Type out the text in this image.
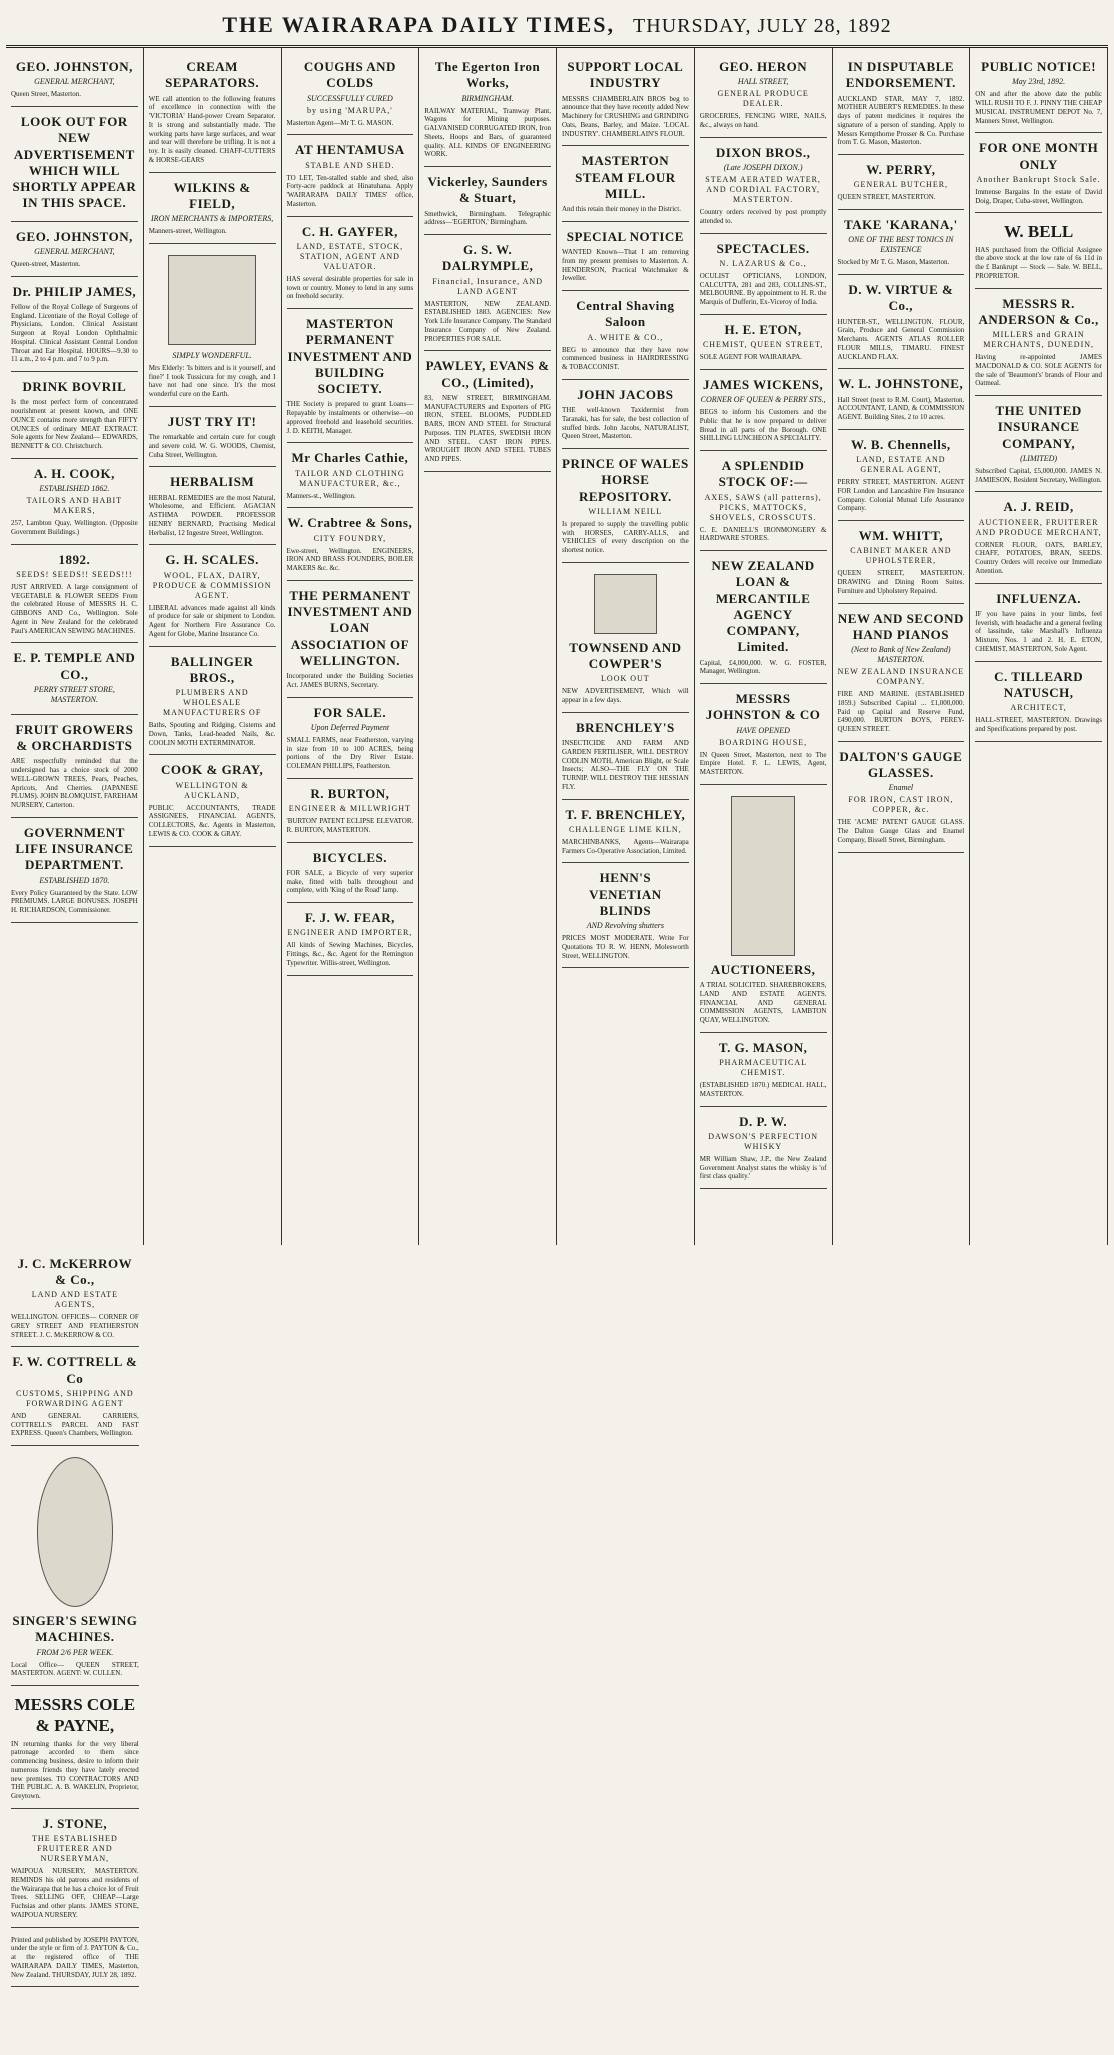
THE WAIRARAPA DAILY TIMES, THURSDAY, JULY 28, 1892
GEO. JOHNSTON,
GENERAL MERCHANT,
Queen Street, Masterton.
LOOK OUT FOR NEW ADVERTISEMENT WHICH WILL SHORTLY APPEAR IN THIS SPACE.
GEO. JOHNSTON,
GENERAL MERCHANT,
Queen-street, Masterton.
Dr. PHILIP JAMES,
Fellow of the Royal College of Surgeons of England. Licentiate of the Royal College of Physicians, London. Clinical Assistant Surgeon at Royal London Ophthalmic Hospital. Clinical Assistant Central London Throat and Ear Hospital. HOURS—9.30 to 11 a.m., 2 to 4 p.m. and 7 to 9 p.m.
DRINK BOVRIL
Is the most perfect form of concentrated nourishment at present known, and ONE OUNCE contains more strength than FIFTY OUNCES of ordinary MEAT EXTRACT. Sole agents for New Zealand— EDWARDS, BENNETT & CO. Christchurch.
A. H. COOK,
ESTABLISHED 1862.
TAILORS AND HABIT MAKERS,
257, Lambton Quay, Wellington. (Opposite Government Buildings.)
1892.
SEEDS! SEEDS!! SEEDS!!!
JUST ARRIVED. A large consignment of VEGETABLE & FLOWER SEEDS From the celebrated House of MESSRS H. C. GIBBONS AND Co., Wellington. Sole Agent in New Zealand for the celebrated Paul's AMERICAN SEWING MACHINES.
E. P. TEMPLE AND CO.,
PERRY STREET STORE, MASTERTON.
FRUIT GROWERS & ORCHARDISTS
ARE respectfully reminded that the undersigned has a choice stock of 2000 WELL-GROWN TREES, Pears, Peaches, Apricots, And Cherries. (JAPANESE PLUMS). JOHN BLOMQUIST, FAREHAM NURSERY, Carterton.
GOVERNMENT LIFE INSURANCE DEPARTMENT.
ESTABLISHED 1870.
Every Policy Guaranteed by the State. LOW PREMIUMS. LARGE BONUSES. JOSEPH H. RICHARDSON, Commissioner.
CREAM SEPARATORS.
WE call attention to the following features of excellence in connection with the 'VICTORIA' Hand-power Cream Separator. It is strong and substantially made. The working parts have large surfaces, and wear and tear will therefore be trifling. It is not a toy. It is easily cleaned. CHAFF-CUTTERS & HORSE-GEARS
WILKINS & FIELD,
IRON MERCHANTS & IMPORTERS,
Manners-street, Wellington.
SIMPLY WONDERFUL.
Mrs Elderly: 'Is bitters and is it yourself, and fine?' I took Tussicura for my cough, and I have not had one since. It's the most wonderful cure on the Earth.
JUST TRY IT!
The remarkable and certain cure for cough and severe cold. W. G. WOODS, Chemist, Cuba Street, Wellington.
HERBALISM
HERBAL REMEDIES are the most Natural, Wholesome, and Efficient. AGACIAN ASTHMA POWDER. PROFESSOR HENRY BERNARD, Practising Medical Herbalist, 12 Ingestre Street, Wellington.
G. H. SCALES.
WOOL, FLAX, DAIRY, PRODUCE & COMMISSION AGENT.
LIBERAL advances made against all kinds of produce for sale or shipment to London. Agent for Northern Fire Assurance Co. Agent for Globe, Marine Insurance Co.
BALLINGER BROS.,
PLUMBERS AND WHOLESALE MANUFACTURERS OF
Baths, Spouting and Ridging, Cisterns and Down, Tanks, Lead-headed Nails, &c. COOLIN MOTH EXTERMINATOR.
COOK & GRAY,
WELLINGTON & AUCKLAND,
PUBLIC ACCOUNTANTS, TRADE ASSIGNEES, FINANCIAL AGENTS, COLLECTORS, &c. Agents in Masterton, LEWIS & CO. COOK & GRAY.
COUGHS AND COLDS
SUCCESSFULLY CURED
by using 'MARUPA,'
Masterton Agent—Mr T. G. MASON.
AT HENTAMUSA
STABLE AND SHED.
TO LET, Ten-stalled stable and shed, also Forty-acre paddock at Hinatuhana. Apply 'WAIRARAPA DAILY TIMES' office, Masterton.
C. H. GAYFER,
LAND, ESTATE, STOCK, STATION, AGENT AND VALUATOR.
HAS several desirable properties for sale in town or country. Money to lend in any sums on freehold security.
MASTERTON PERMANENT INVESTMENT AND BUILDING SOCIETY.
THE Society is prepared to grant Loans—Repayable by instalments or otherwise—on approved freehold and leasehold securities. J. D. KEITH, Manager.
Mr Charles Cathie,
TAILOR AND CLOTHING MANUFACTURER, &c.,
Manners-st., Wellington.
W. Crabtree & Sons,
CITY FOUNDRY,
Ewe-street, Wellington. ENGINEERS, IRON AND BRASS FOUNDERS, BOILER MAKERS &c. &c.
THE PERMANENT INVESTMENT AND LOAN ASSOCIATION OF WELLINGTON.
Incorporated under the Building Societies Act. JAMES BURNS, Secretary.
FOR SALE.
Upon Deferred Payment
SMALL FARMS, near Featherston, varying in size from 10 to 100 ACRES, being portions of the Dry River Estate. COLEMAN PHILLIPS, Featherston.
R. BURTON,
ENGINEER & MILLWRIGHT
'BURTON' PATENT ECLIPSE ELEVATOR. R. BURTON, MASTERTON.
BICYCLES.
FOR SALE, a Bicycle of very superior make, fitted with balls throughout and complete, with 'King of the Road' lamp.
F. J. W. FEAR,
ENGINEER AND IMPORTER,
All kinds of Sewing Machines, Bicycles, Fittings, &c., &c. Agent for the Remington Typewriter. Willis-street, Wellington.
The Egerton Iron Works,
BIRMINGHAM.
RAILWAY MATERIAL, Tramway Plant, Wagons for Mining purposes. GALVANISED CORRUGATED IRON, Iron Sheets, Hoops and Bars, of guaranteed quality. ALL KINDS OF ENGINEERING WORK.
Vickerley, Saunders & Stuart,
Smethwick, Birmingham. Telegraphic address—'EGERTON,' Birmingham.
G. S. W. DALRYMPLE,
Financial, Insurance, AND LAND AGENT
MASTERTON, NEW ZEALAND. ESTABLISHED 1883. AGENCIES: New York Life Insurance Company. The Standard Insurance Company of New Zealand. PROPERTIES FOR SALE.
PAWLEY, EVANS & CO., (Limited),
83, NEW STREET, BIRMINGHAM. MANUFACTURERS and Exporters of PIG IRON, STEEL BLOOMS, PUDDLED BARS, IRON AND STEEL for Structural Purposes. TIN PLATES, SWEDISH IRON AND STEEL. CAST IRON PIPES. WROUGHT IRON AND STEEL TUBES AND PIPES.
SUPPORT LOCAL INDUSTRY
MESSRS CHAMBERLAIN BROS beg to announce that they have recently added New Machinery for CRUSHING and GRINDING Oats, Beans, Barley, and Maize. 'LOCAL INDUSTRY'. CHAMBERLAIN'S FLOUR.
MASTERTON STEAM FLOUR MILL.
And this retain their money in the District.
SPECIAL NOTICE
WANTED Known—That I am removing from my present premises to Masterton. A. HENDERSON, Practical Watchmaker & Jeweller.
Central Shaving Saloon
A. WHITE & CO.,
BEG to announce that they have now commenced business in HAIRDRESSING & TOBACCONIST.
JOHN JACOBS
THE well-known Taxidermist from Taranaki, has for sale, the best collection of stuffed birds. John Jacobs, NATURALIST, Queen Street, Masterton.
PRINCE OF WALES HORSE REPOSITORY.
WILLIAM NEILL
Is prepared to supply the travelling public with HORSES, CARRY-ALLS, and VEHICLES of every description on the shortest notice.
TOWNSEND AND COWPER'S
LOOK OUT
NEW ADVERTISEMENT, Which will appear in a few days.
BRENCHLEY'S
INSECTICIDE AND FARM AND GARDEN FERTILISER, WILL DESTROY CODLIN MOTH, American Blight, or Scale Insects; ALSO—THE FLY ON THE TURNIP. WILL DESTROY THE HESSIAN FLY.
T. F. BRENCHLEY,
CHALLENGE LIME KILN,
MARCHINBANKS, Agents—Wairarapa Farmers Co-Operative Association, Limited.
HENN'S VENETIAN BLINDS
AND Revolving shutters
PRICES MOST MODERATE. Write For Quotations TO R. W. HENN, Molesworth Street, WELLINGTON.
GEO. HERON
HALL STREET,
GENERAL PRODUCE DEALER.
GROCERIES, FENCING WIRE, NAILS, &c., always on hand.
DIXON BROS.,
(Late JOSEPH DIXON.)
STEAM AERATED WATER, AND CORDIAL FACTORY, MASTERTON.
Country orders received by post promptly attended to.
SPECTACLES.
N. LAZARUS & Co.,
OCULIST OPTICIANS, LONDON, CALCUTTA, 281 and 283, COLLINS-ST., MELBOURNE. By appointment to H. R. the Marquis of Dufferin, Ex-Viceroy of India.
H. E. ETON,
CHEMIST, QUEEN STREET,
SOLE AGENT FOR WAIRARAPA.
JAMES WICKENS,
CORNER OF QUEEN & PERRY STS.,
BEGS to inform his Customers and the Public that he is now prepared to deliver Bread in all parts of the Borough. ONE SHILLING LUNCHEON A SPECIALITY.
A SPLENDID STOCK OF:—
AXES, SAWS (all patterns), PICKS, MATTOCKS, SHOVELS, CROSSCUTS.
C. E. DANIELL'S IRONMONGERY & HARDWARE STORES.
NEW ZEALAND LOAN & MERCANTILE AGENCY COMPANY, Limited.
Capital, £4,000,000. W. G. FOSTER, Manager, Wellington.
MESSRS JOHNSTON & CO
HAVE OPENED
BOARDING HOUSE,
IN Queen Street, Masterton, next to The Empire Hotel. F. L. LEWIS, Agent, MASTERTON.
AUCTIONEERS,
A TRIAL SOLICITED. SHAREBROKERS, LAND AND ESTATE AGENTS. FINANCIAL AND GENERAL COMMISSION AGENTS, LAMBTON QUAY, WELLINGTON.
T. G. MASON,
PHARMACEUTICAL CHEMIST.
(ESTABLISHED 1870.) MEDICAL HALL, MASTERTON.
D. P. W.
DAWSON'S PERFECTION WHISKY
MR William Shaw, J.P., the New Zealand Government Analyst states the whisky is 'of first class quality.'
IN DISPUTABLE ENDORSEMENT.
AUCKLAND STAR, MAY 7, 1892. MOTHER AUBERT'S REMEDIES. In these days of patent medicines it requires the signature of a person of standing. Apply to Messrs Kempthorne Prosser & Co. Purchase from T. G. Mason, Masterton.
W. PERRY,
GENERAL BUTCHER,
QUEEN STREET, MASTERTON.
TAKE 'KARANA,'
ONE OF THE BEST TONICS IN EXISTENCE
Stocked by Mr T. G. Mason, Masterton.
D. W. VIRTUE & Co.,
HUNTER-ST., WELLINGTON. FLOUR, Grain, Produce and General Commission Merchants. AGENTS ATLAS ROLLER FLOUR MILLS, TIMARU. FINEST AUCKLAND FLAX.
W. L. JOHNSTONE,
Hall Street (next to R.M. Court), Masterton. ACCOUNTANT, LAND, & COMMISSION AGENT. Building Sites, 2 to 10 acres.
W. B. Chennells,
LAND, ESTATE AND GENERAL AGENT,
PERRY STREET, MASTERTON. AGENT FOR London and Lancashire Fire Insurance Company. Colonial Mutual Life Assurance Company.
WM. WHITT,
CABINET MAKER AND UPHOLSTERER,
QUEEN STREET, MASTERTON. DRAWING and Dining Room Suites. Furniture and Upholstery Repaired.
NEW AND SECOND HAND PIANOS
(Next to Bank of New Zealand) MASTERTON.
NEW ZEALAND INSURANCE COMPANY.
FIRE AND MARINE. (ESTABLISHED 1859.) Subscribed Capital ... £1,000,000. Paid up Capital and Reserve Fund, £490,000. BURTON BOYS, PEREY-QUEEN STREET.
DALTON'S GAUGE GLASSES.
Enamel
FOR IRON, CAST IRON, COPPER, &c.
THE 'ACME' PATENT GAUGE GLASS. The Dalton Gauge Glass and Enamel Company, Bissell Street, Birmingham.
PUBLIC NOTICE!
May 23rd, 1892.
ON and after the above date the public WILL RUSH TO F. J. PINNY THE CHEAP MUSICAL INSTRUMENT DEPOT No. 7, Manners Street, Wellington.
FOR ONE MONTH ONLY
Another Bankrupt Stock Sale.
Immense Bargains In the estate of David Doig, Draper, Cuba-street, Wellington.
W. BELL
HAS purchased from the Official Assignee the above stock at the low rate of 6s 11d in the £ Bankrupt — Stock — Sale. W. BELL, PROPRIETOR.
MESSRS R. ANDERSON & Co.,
MILLERS and GRAIN MERCHANTS, DUNEDIN,
Having re-appointed JAMES MACDONALD & CO. SOLE AGENTS for the sale of 'Beaumont's' brands of Flour and Oatmeal.
THE UNITED INSURANCE COMPANY,
(LIMITED)
Subscribed Capital, £5,000,000. JAMES N. JAMIESON, Resident Secretary, Wellington.
A. J. REID,
AUCTIONEER, FRUITERER AND PRODUCE MERCHANT,
CORNER FLOUR, OATS, BARLEY, CHAFF, POTATOES, BRAN, SEEDS. Country Orders will receive our Immediate Attention.
INFLUENZA.
IF you have pains in your limbs, feel feverish, with headache and a general feeling of lassitude, take Marshall's Influenza Mixture, Nos. 1 and 2. H. E. ETON, CHEMIST, MASTERTON, Sole Agent.
C. TILLEARD NATUSCH,
ARCHITECT,
HALL-STREET, MASTERTON. Drawings and Specifications prepared by post.
J. C. McKERROW & Co.,
LAND AND ESTATE AGENTS,
WELLINGTON. OFFICES— CORNER OF GREY STREET AND FEATHERSTON STREET. J. C. McKERROW & CO.
F. W. COTTRELL & Co
CUSTOMS, SHIPPING AND FORWARDING AGENT
AND GENERAL CARRIERS, COTTRELL'S PARCEL AND FAST EXPRESS. Queen's Chambers, Wellington.
SINGER'S SEWING MACHINES.
FROM 2/6 PER WEEK.
Local Office— QUEEN STREET, MASTERTON. AGENT: W. CULLEN.
MESSRS COLE & PAYNE,
IN returning thanks for the very liberal patronage accorded to them since commencing business, desire to inform their numerous friends they have lately erected new premises. TO CONTRACTORS AND THE PUBLIC. A. B. WAKELIN, Proprietor, Greytown.
J. STONE,
THE ESTABLISHED FRUITERER AND NURSERYMAN,
WAIPOUA NURSERY, MASTERTON. REMINDS his old patrons and residents of the Wairarapa that he has a choice lot of Fruit Trees. SELLING OFF, CHEAP—Large Fuchsias and other plants. JAMES STONE, WAIPOUA NURSERY.
Printed and published by JOSEPH PAYTON, under the style or firm of J. PAYTON & Co., at the registered office of THE WAIRARAPA DAILY TIMES, Masterton, New Zealand. THURSDAY, JULY 28, 1892.
